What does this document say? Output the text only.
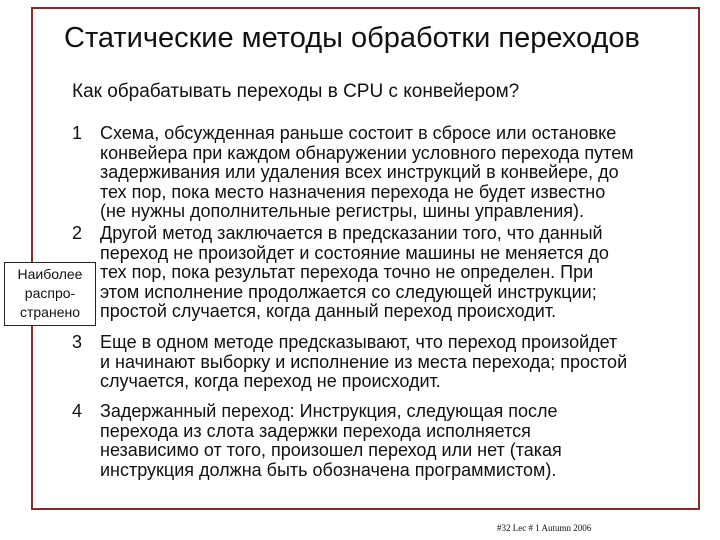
Статические методы обработки переходов
Как обрабатывать переходы в CPU с конвейером?
1 Схема, обсужденная раньше состоит в сбросе или остановке
конвейера при каждом обнаружении условного перехода путем
задерживания или удаления всех инструкций в конвейере, до
тех пор, пока место назначения перехода не будет известно
(не нужны дополнительные регистры, шины управления).
2 Другой метод заключается в предсказании того, что данный
переход не произойдет и состояние машины не меняется до
тех пор, пока результат перехода точно не определен. При
этом исполнение продолжается со следующей инструкции;
простой случается, когда данный переход происходит.
3 Еще в одном методе предсказывают, что переход произойдет
и начинают выборку и исполнение из места перехода; простой
случается, когда переход не происходит.
4 Задержанный переход: Инструкция, следующая после
перехода из слота задержки перехода исполняется
независимо от того, произошел переход или нет (такая
инструкция должна быть обозначена программистом).
Наиболее
распро-
странено
#32 Lec # 1 Autumn 2006
